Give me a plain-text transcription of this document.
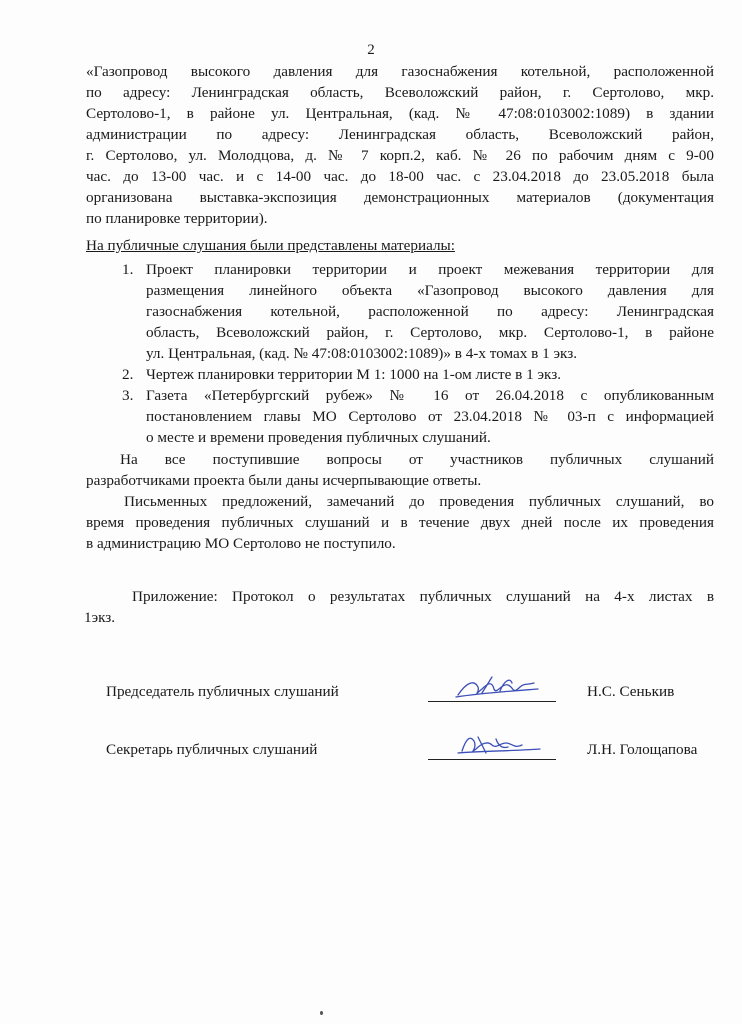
2
«Газопровод высокого давления для газоснабжения котельной, расположенной
по адресу: Ленинградская область, Всеволожский район, г. Сертолово, мкр.
Сертолово-1, в районе ул. Центральная, (кад. № 47:08:0103002:1089) в здании
администрации по адресу: Ленинградская область, Всеволожский район,
г. Сертолово, ул. Молодцова, д. № 7 корп.2, каб. № 26 по рабочим дням с 9-00
час. до 13-00 час. и с 14-00 час. до 18-00 час. с 23.04.2018 до 23.05.2018 была
организована выставка-экспозиция демонстрационных материалов (документация
по планировке территории).
На публичные слушания были представлены материалы:
1. Проект планировки территории и проект межевания территории для
размещения линейного объекта «Газопровод высокого давления для
газоснабжения котельной, расположенной по адресу: Ленинградская
область, Всеволожский район, г. Сертолово, мкр. Сертолово-1, в районе
ул. Центральная, (кад. № 47:08:0103002:1089)» в 4-х томах в 1 экз.
2. Чертеж планировки территории М 1: 1000 на 1-ом листе в 1 экз.
3. Газета «Петербургский рубеж» № 16 от 26.04.2018 с опубликованным
постановлением главы МО Сертолово от 23.04.2018 № 03-п с информацией
о месте и времени проведения публичных слушаний.
На все поступившие вопросы от участников публичных слушаний
разработчиками проекта были даны исчерпывающие ответы.
Письменных предложений, замечаний до проведения публичных слушаний, во
время проведения публичных слушаний и в течение двух дней после их проведения
в администрацию МО Сертолово не поступило.
Приложение: Протокол о результатах публичных слушаний на 4-х листах в
1экз.
Председатель публичных слушаний	Н.С. Сенькив
Секретарь публичных слушаний	Л.Н. Голощапова
